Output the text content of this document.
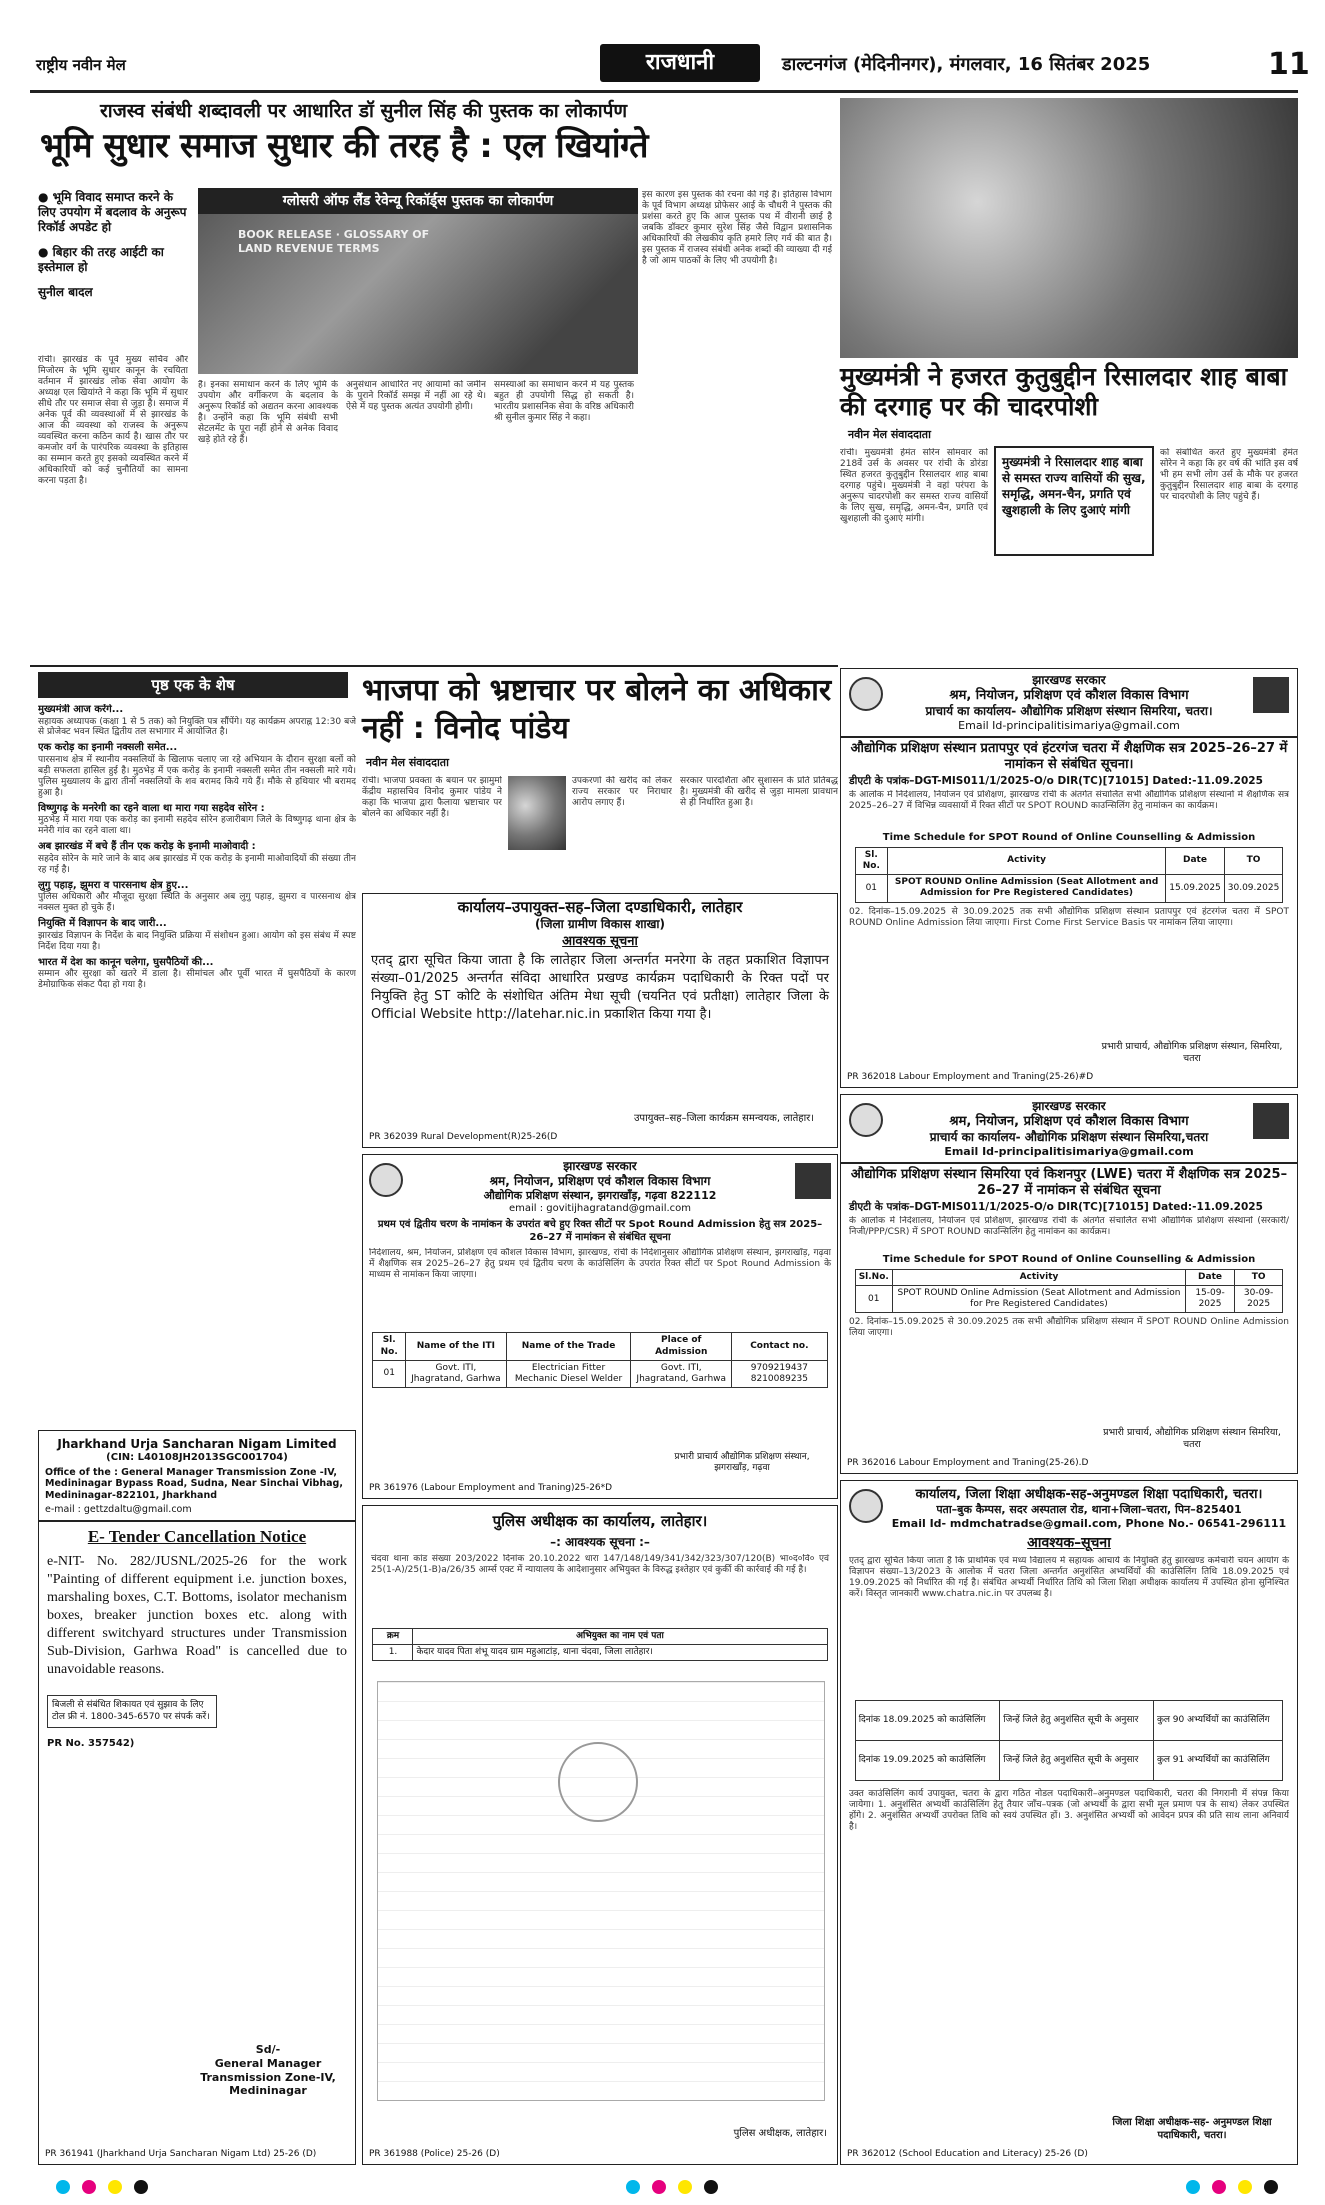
राष्ट्रीय नवीन मेल	राजधानी	डाल्टनगंज (मेदिनीनगर), मंगलवार, 16 सितंबर 2025	11
राजस्व संबंधी शब्दावली पर आधारित डॉ सुनील सिंह की पुस्तक का लोकार्पण
भूमि सुधार समाज सुधार की तरह है : एल खियांग्ते
● भूमि विवाद समाप्त करने के लिए उपयोग में बदलाव के अनुरूप रिकॉर्ड अपडेट हो
● बिहार की तरह आईटी का इस्तेमाल हो
सुनील बादल
रांची। झारखंड के पूर्व मुख्य सचिव और मिजोरम के भूमि सुधार कानून के रचयिता वर्तमान में झारखंड लोक सेवा आयोग के अध्यक्ष एल खियांग्ते ने कहा कि भूमि में सुधार सीधे तौर पर समाज सेवा से जुड़ा है। समाज में अनेक पूर्व की व्यवस्थाओं में से झारखंड के आज की व्यवस्था को राजस्व के अनुरूप व्यवस्थित करना कठिन कार्य है। खास तौर पर कमजोर वर्ग के पारंपरिक व्यवस्था के इतिहास का सम्मान करते हुए इसको व्यवस्थित करने में अधिकारियों को कई चुनौतियों का सामना करना पड़ता है।
ग्लोसरी ऑफ लैंड रेवेन्यू रिकॉर्ड्स पुस्तक का लोकार्पण
BOOK RELEASE · GLOSSARY OF LAND REVENUE TERMS
है। इनका समाधान करने के लिए भूमि के उपयोग और वर्गीकरण के बदलाव के अनुरूप रिकॉर्ड को अद्यतन करना आवश्यक है। उन्होंने कहा कि भूमि संबंधी सभी सेटलमेंट के पूरा नहीं होने से अनेक विवाद खड़े होते रहे हैं।
अनुसंधान आधारित नए आयामों को जमीन के पुराने रिकॉर्ड समझ में नहीं आ रहे थे। ऐसे में यह पुस्तक अत्यंत उपयोगी होगी।
समस्याओं का समाधान करने में यह पुस्तक बहुत ही उपयोगी सिद्ध हो सकती है। भारतीय प्रशासनिक सेवा के वरिष्ठ अधिकारी श्री सुनील कुमार सिंह ने कहा।
इस कारण इस पुस्तक की रचना की गई है। इतिहास विभाग के पूर्व विभाग अध्यक्ष प्रोफेसर आई के चौधरी ने पुस्तक की प्रशंसा करते हुए कि आज पुस्तक पथ में वीरानी छाई है जबकि डॉक्टर कुमार सुरेश सिंह जैसे विद्वान प्रशासनिक अधिकारियों की लेखकीय कृति हमारे लिए गर्व की बात है। इस पुस्तक में राजस्व संबंधी अनेक शब्दों की व्याख्या दी गई है जो आम पाठकों के लिए भी उपयोगी है।
मुख्यमंत्री ने हजरत कुतुबुद्दीन रिसालदार शाह बाबा की दरगाह पर की चादरपोशी
नवीन मेल संवाददाता
रांची। मुख्यमंत्री हेमंत सोरेन सोमवार को 218वें उर्स के अवसर पर रांची के डोरंडा स्थित हजरत कुतुबुद्दीन रिसालदार शाह बाबा दरगाह पहुंचे। मुख्यमंत्री ने वहां परंपरा के अनुरूप चादरपोशी कर समस्त राज्य वासियों के लिए सुख, समृद्धि, अमन-चैन, प्रगति एवं खुशहाली की दुआएं मांगी।
मुख्यमंत्री ने रिसालदार शाह बाबा से समस्त राज्य वासियों की सुख, समृद्धि, अमन-चैन, प्रगति एवं खुशहाली के लिए दुआएं मांगी
को संबोधित करते हुए मुख्यमंत्री हेमंत सोरेन ने कहा कि हर वर्ष की भांति इस वर्ष भी हम सभी लोग उर्स के मौके पर हजरत कुतुबुद्दीन रिसालदार शाह बाबा के दरगाह पर चादरपोशी के लिए पहुंचे हैं।
पृष्ठ एक के शेष
मुख्यमंत्री आज करेंगे...
सहायक अध्यापक (कक्षा 1 से 5 तक) को नियुक्ति पत्र सौंपेंगे। यह कार्यक्रम अपराह्न 12:30 बजे से प्रोजेक्ट भवन स्थित द्वितीय तल सभागार में आयोजित है।
एक करोड़ का इनामी नक्सली समेत...
पारसनाथ क्षेत्र में स्थानीय नक्सलियों के खिलाफ चलाए जा रहे अभियान के दौरान सुरक्षा बलों को बड़ी सफलता हासिल हुई है। मुठभेड़ में एक करोड़ के इनामी नक्सली समेत तीन नक्सली मारे गये। पुलिस मुख्यालय के द्वारा तीनों नक्सलियों के शव बरामद किये गये हैं। मौके से हथियार भी बरामद हुआ है।
विष्णुगढ़ के मनरेगी का रहने वाला था मारा गया सहदेव सोरेन :
मुठभेड़ में मारा गया एक करोड़ का इनामी सहदेव सोरेन हजारीबाग जिले के विष्णुगढ़ थाना क्षेत्र के मनेरी गांव का रहने वाला था।
अब झारखंड में बचे हैं तीन एक करोड़ के इनामी माओवादी :
सहदेव सोरेन के मारे जाने के बाद अब झारखंड में एक करोड़ के इनामी माओवादियों की संख्या तीन रह गई है।
लुगु पहाड़, झुमरा व पारसनाथ क्षेत्र हुए...
पुलिस अधिकारी और मौजूदा सुरक्षा स्थिति के अनुसार अब लुगु पहाड़, झुमरा व पारसनाथ क्षेत्र नक्सल मुक्त हो चुके हैं।
नियुक्ति में विज्ञापन के बाद जारी...
झारखंड विज्ञापन के निर्देश के बाद नियुक्ति प्रक्रिया में संशोधन हुआ। आयोग को इस संबंध में स्पष्ट निर्देश दिया गया है।
भारत में देश का कानून चलेगा, घुसपैठियों की...
सम्मान और सुरक्षा को खतरे में डाला है। सीमांचल और पूर्वी भारत में घुसपैठियों के कारण डेमोग्राफिक संकट पैदा हो गया है।
भाजपा को भ्रष्टाचार पर बोलने का अधिकार नहीं : विनोद पांडेय
नवीन मेल संवाददाता
रांची। भाजपा प्रवक्ता के बयान पर झामुमो केंद्रीय महासचिव विनोद कुमार पांडेय ने कहा कि भाजपा द्वारा फैलाया भ्रष्टाचार पर बोलने का अधिकार नहीं है।
उपकरणों की खरीद को लेकर राज्य सरकार पर निराधार आरोप लगाए हैं।
सरकार पारदर्शिता और सुशासन के प्रति प्रतिबद्ध है। मुख्यमंत्री की खरीद से जुड़ा मामला प्रावधान से ही निर्धारित हुआ है।
कार्यालय–उपायुक्त–सह–जिला दण्डाधिकारी, लातेहार
(जिला ग्रामीण विकास शाखा)
आवश्यक सूचना
एतद् द्वारा सूचित किया जाता है कि लातेहार जिला अन्तर्गत मनरेगा के तहत प्रकाशित विज्ञापन संख्या–01/2025 अन्तर्गत संविदा आधारित प्रखण्ड कार्यक्रम पदाधिकारी के रिक्त पदों पर नियुक्ति हेतु ST कोटि के संशोधित अंतिम मेधा सूची (चयनित एवं प्रतीक्षा) लातेहार जिला के Official Website http://latehar.nic.in प्रकाशित किया गया है।
उपायुक्त–सह–जिला कार्यक्रम समन्वयक, लातेहार।
PR 362039 Rural Development(R)25-26(D
झारखण्ड सरकार
श्रम, नियोजन, प्रशिक्षण एवं कौशल विकास विभाग
औद्योगिक प्रशिक्षण संस्थान, झगराखाँड़, गढ़वा 822112
email : govitijhagratand@gmail.com
प्रथम एवं द्वितीय चरण के नामांकन के उपरांत बचे हुए रिक्त सीटों पर Spot Round Admission हेतु सत्र 2025–26–27 में नामांकन से संबंधित सूचना
निदेशालय, श्रम, नियोजन, प्रशिक्षण एवं कौशल विकास विभाग, झारखण्ड, रांची के निर्देशानुसार औद्योगिक प्रशिक्षण संस्थान, झगराखाँड़, गढ़वा में शैक्षणिक सत्र 2025–26–27 हेतु प्रथम एवं द्वितीय चरण के काउंसिलिंग के उपरांत रिक्त सीटों पर Spot Round Admission के माध्यम से नामांकन किया जाएगा।
Sl. No.	Name of the ITI	Name of the Trade	Place of Admission	Contact no.
01	Govt. ITI, Jhagratand, Garhwa	Electrician Fitter Mechanic Diesel Welder	Govt. ITI, Jhagratand, Garhwa	9709219437 8210089235
प्रभारी प्राचार्य औद्योगिक प्रशिक्षण संस्थान, झगराखाँड़, गढ़वा
PR 361976 (Labour Employment and Traning)25-26*D
पुलिस अधीक्षक का कार्यालय, लातेहार।
–: आवश्यक सूचना :–
चंदवा थाना कांड संख्या 203/2022 दिनांक 20.10.2022 धारा 147/148/149/341/342/323/307/120(B) भा०द०वि० एवं 25(1-A)/25(1-B)a/26/35 आर्म्स एक्ट में न्यायालय के आदेशानुसार अभियुक्त के विरुद्ध इश्तेहार एवं कुर्की की कार्रवाई की गई है।
क्रम	अभियुक्त का नाम एवं पता
1.	केदार यादव पिता शंभू यादव ग्राम महुआटांड़, थाना चंदवा, जिला लातेहार।
पुलिस अधीक्षक, लातेहार।
PR 361988 (Police) 25-26 (D)
Jharkhand Urja Sancharan Nigam Limited
(CIN: L40108JH2013SGC001704)
Office of the : General Manager Transmission Zone -IV, Medininagar Bypass Road, Sudna, Near Sinchai Vibhag, Medininagar-822101, Jharkhand
e-mail : gettzdaltu@gmail.com
E- Tender Cancellation Notice
e-NIT- No. 282/JUSNL/2025-26 for the work "Painting of different equipment i.e. junction boxes, marshaling boxes, C.T. Bottoms, isolator mechanism boxes, breaker junction boxes etc. along with different switchyard structures under Transmission Sub-Division, Garhwa Road" is cancelled due to unavoidable reasons.
बिजली से संबंधित शिकायत एवं सुझाव के लिए टोल फ्री नं. 1800-345-6570 पर संपर्क करें।
PR No. 357542)
Sd/-
General Manager Transmission Zone-IV, Medininagar
PR 361941 (Jharkhand Urja Sancharan Nigam Ltd) 25-26 (D)
झारखण्ड सरकार
श्रम, नियोजन, प्रशिक्षण एवं कौशल विकास विभाग
प्राचार्य का कार्यालय- औद्योगिक प्रशिक्षण संस्थान सिमरिया, चतरा।
Email Id-principalitisimariya@gmail.com
औद्योगिक प्रशिक्षण संस्थान प्रतापपुर एवं हंटरगंज चतरा में शैक्षणिक सत्र 2025–26–27 में नामांकन से संबंधित सूचना।
डीएटी के पत्रांक–DGT-MIS011/1/2025-O/o DIR(TC)[71015] Dated:-11.09.2025
के आलोक में निदेशालय, नियोजन एवं प्रशिक्षण, झारखण्ड रांची के अंतर्गत संचालित सभी औद्योगिक प्रशिक्षण संस्थानों में शैक्षणिक सत्र 2025–26–27 में विभिन्न व्यवसायों में रिक्त सीटों पर SPOT ROUND काउन्सिलिंग हेतु नामांकन का कार्यक्रम।
Time Schedule for SPOT Round of Online Counselling & Admission
Sl. No.	Activity	Date	TO
01	SPOT ROUND Online Admission (Seat Allotment and Admission for Pre Registered Candidates)	15.09.2025	30.09.2025
02. दिनांक–15.09.2025 से 30.09.2025 तक सभी औद्योगिक प्रशिक्षण संस्थान प्रतापपुर एवं हंटरगंज चतरा में SPOT ROUND Online Admission लिया जाएगा। First Come First Service Basis पर नामांकन लिया जाएगा।
प्रभारी प्राचार्य, औद्योगिक प्रशिक्षण संस्थान, सिमरिया, चतरा
PR 362018 Labour Employment and Traning(25-26)#D
झारखण्ड सरकार
श्रम, नियोजन, प्रशिक्षण एवं कौशल विकास विभाग
प्राचार्य का कार्यालय- औद्योगिक प्रशिक्षण संस्थान सिमरिया,चतरा
Email Id-principalitisimariya@gmail.com
औद्योगिक प्रशिक्षण संस्थान सिमरिया एवं किशनपुर (LWE) चतरा में शैक्षणिक सत्र 2025–26–27 में नामांकन से संबंधित सूचना
डीएटी के पत्रांक–DGT-MIS011/1/2025-O/o DIR(TC)[71015] Dated:-11.09.2025
के आलोक में निदेशालय, नियोजन एवं प्रशिक्षण, झारखण्ड रांची के अंतर्गत संचालित सभी औद्योगिक प्रशिक्षण संस्थानों (सरकारी/निजी/PPP/CSR) में SPOT ROUND काउन्सिलिंग हेतु नामांकन का कार्यक्रम।
Time Schedule for SPOT Round of Online Counselling & Admission
Sl.No.	Activity	Date	TO
01	SPOT ROUND Online Admission (Seat Allotment and Admission for Pre Registered Candidates)	15-09-2025	30-09-2025
02. दिनांक–15.09.2025 से 30.09.2025 तक सभी औद्योगिक प्रशिक्षण संस्थान में SPOT ROUND Online Admission लिया जाएगा।
प्रभारी प्राचार्य, औद्योगिक प्रशिक्षण संस्थान सिमरिया, चतरा
PR 362016 Labour Employment and Traning(25-26).D
कार्यालय, जिला शिक्षा अधीक्षक-सह-अनुमण्डल शिक्षा पदाधिकारी, चतरा।
पता–बुक कैम्पस, सदर अस्पताल रोड, थाना+जिला–चतरा, पिन–825401
Email Id- mdmchatradse@gmail.com, Phone No.- 06541-296111
आवश्यक–सूचना
एतद् द्वारा सूचित किया जाता है कि प्राथमिक एवं मध्य विद्यालय में सहायक आचार्य के नियुक्ति हेतु झारखण्ड कर्मचारी चयन आयोग के विज्ञापन संख्या–13/2023 के आलोक में चतरा जिला अन्तर्गत अनुशंसित अभ्यर्थियों की काउंसिलिंग तिथि 18.09.2025 एवं 19.09.2025 को निर्धारित की गई है। संबंधित अभ्यर्थी निर्धारित तिथि को जिला शिक्षा अधीक्षक कार्यालय में उपस्थित होना सुनिश्चित करें। विस्तृत जानकारी www.chatra.nic.in पर उपलब्ध है।
दिनांक 18.09.2025 को काउंसिलिंग	जिन्हें जिले हेतु अनुशंसित सूची के अनुसार	कुल 90 अभ्यर्थियों का काउंसिलिंग
दिनांक 19.09.2025 को काउंसिलिंग	जिन्हें जिले हेतु अनुशंसित सूची के अनुसार	कुल 91 अभ्यर्थियों का काउंसिलिंग
उक्त काउंसिलिंग कार्य उपायुक्त, चतरा के द्वारा गठित नोडल पदाधिकारी–अनुमण्डल पदाधिकारी, चतरा की निगरानी में संपन्न किया जायेगा। 1. अनुशंसित अभ्यर्थी काउंसिलिंग हेतु तैयार जाँच–पत्रक (जो अभ्यर्थी के द्वारा सभी मूल प्रमाण पत्र के साथ) लेकर उपस्थित होंगे। 2. अनुशंसित अभ्यर्थी उपरोक्त तिथि को स्वयं उपस्थित हों। 3. अनुशंसित अभ्यर्थी को आवेदन प्रपत्र की प्रति साथ लाना अनिवार्य है।
जिला शिक्षा अधीक्षक-सह- अनुमण्डल शिक्षा पदाधिकारी, चतरा।
PR 362012 (School Education and Literacy) 25-26 (D)
